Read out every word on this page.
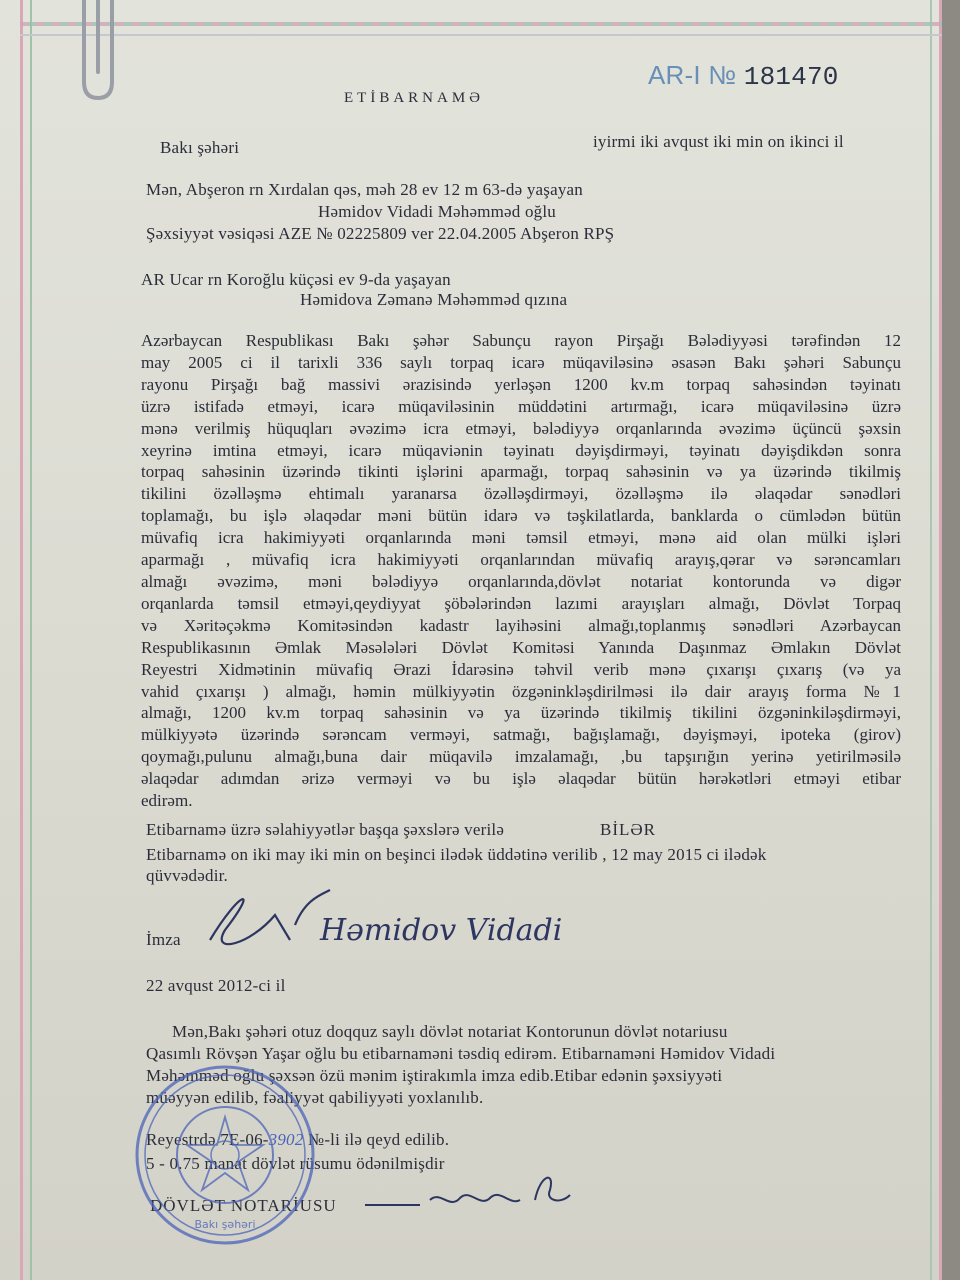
ETİBARNAMƏ
AR-I № 181470
Bakı şəhəri	iyirmi iki avqust iki min on ikinci il
Mən, Abşeron rn Xırdalan qəs, məh 28 ev 12 m 63-də yaşayan
Həmidov Vidadi Məhəmməd oğlu
Şəxsiyyət vəsiqəsi AZE № 02225809 ver 22.04.2005 Abşeron RPŞ
AR Ucar rn Koroğlu küçəsi ev 9-da yaşayan
Həmidova Zəmanə Məhəmməd qızına
Azərbaycan Respublikası Bakı şəhər Sabunçu rayon Pirşağı Bələdiyyəsi tərəfindən 12
may 2005 ci il tarixli 336 saylı torpaq icarə müqaviləsinə əsasən Bakı şəhəri Sabunçu
rayonu Pirşağı bağ massivi ərazisində yerləşən 1200 kv.m torpaq sahəsindən təyinatı
üzrə istifadə etməyi, icarə müqaviləsinin müddətini artırmağı, icarə müqaviləsinə üzrə
mənə verilmiş hüquqları əvəzimə icra etməyi, bələdiyyə orqanlarında əvəzimə üçüncü şəxsin
xeyrinə imtina etməyi, icarə müqaviənin təyinatı dəyişdirməyi, təyinatı dəyişdikdən sonra
torpaq sahəsinin üzərində tikinti işlərini aparmağı, torpaq sahəsinin və ya üzərində tikilmiş
tikilini özəlləşmə ehtimalı yaranarsa özəlləşdirməyi, özəlləşmə ilə əlaqədar sənədləri
toplamağı, bu işlə əlaqədar məni bütün idarə və təşkilatlarda, banklarda o cümlədən bütün
müvafiq icra hakimiyyəti orqanlarında məni təmsil etməyi, mənə aid olan mülki işləri
aparmağı , müvafiq icra hakimiyyəti orqanlarından müvafiq arayış,qərar və sərəncamları
almağı əvəzimə, məni bələdiyyə orqanlarında,dövlət notariat kontorunda və digər
orqanlarda təmsil etməyi,qeydiyyat şöbələrindən lazımi arayışları almağı, Dövlət Torpaq
və Xəritəçəkmə Komitəsindən kadastr layihəsini almağı,toplanmış sənədləri Azərbaycan
Respublikasının Əmlak Məsələləri Dövlət Komitəsi Yanında Daşınmaz Əmlakın Dövlət
Reyestri Xidmətinin müvafiq Ərazi İdarəsinə təhvil verib mənə çıxarışı çıxarış (və ya
vahid çıxarışı ) almağı, həmin mülkiyyətin özgəninkləşdirilməsi ilə dair arayış forma №1
almağı, 1200 kv.m torpaq sahəsinin və ya üzərində tikilmiş tikilini özgəninkiləşdirməyi,
mülkiyyətə üzərində sərəncam verməyi, satmağı, bağışlamağı, dəyişməyi, ipoteka (girov)
qoymağı,pulunu almağı,buna dair müqavilə imzalamağı, ,bu tapşırığın yerinə yetirilməsilə
əlaqədar adımdan ərizə verməyi və bu işlə əlaqədar bütün hərəkətləri etməyi etibar
edirəm.
Etibarnamə üzrə səlahiyyətlər başqa şəxslərə verilə	BİLƏR
Etibarnamə on iki may iki min on beşinci ilədək üddətinə verilib , 12 may 2015 ci ilədək
qüvvədədir.
İmza	Həmidov Vidadi
22 avqust 2012-ci il
Mən,Bakı şəhəri otuz doqquz saylı dövlət notariat Kontorunun dövlət notariusu
Qasımlı Rövşən Yaşar oğlu bu etibarnaməni təsdiq edirəm. Etibarnaməni Həmidov Vidadi
Məhəmməd oğlu şəxsən özü mənim iştirakımla imza edib.Etibar edənin şəxsiyyəti
müəyyən edilib, fəaliyyət qabiliyyəti yoxlanılıb.
Reyestrdə 7Е-06-3902 №-li ilə qeyd edilib.
5 - 0.75 manat dövlət rüsumu ödənilmişdir
DÖVLƏT NOTARİUSU
Bakı şəhəri
